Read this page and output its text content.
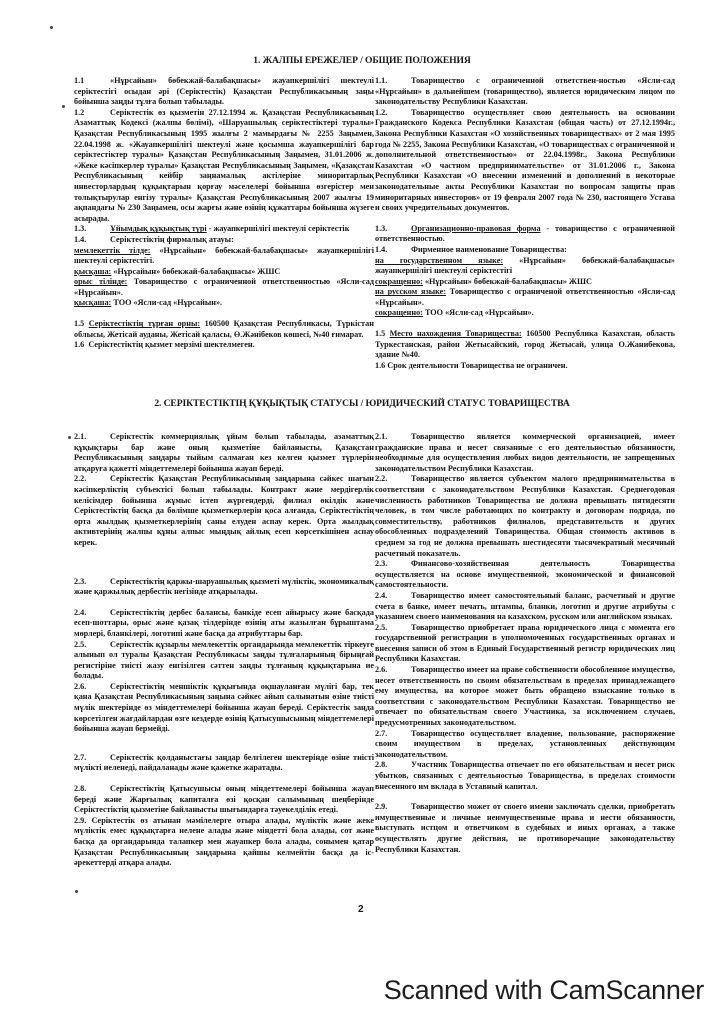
1. ЖАЛПЫ ЕРЕЖЕЛЕР / ОБЩИЕ ПОЛОЖЕНИЯ

1.1	«Нұрсайын» бөбекжай-балабақшасы» жауапкершілігі шектеулі серіктестігі осыдан әрі (Серіктестік) Қазақстан Республикасының заңы бойынша заңды тұлға болып табылады.

1.2	Серіктестік өз қызметін 27.12.1994 ж. Қазақстан Республикасының Азаматтық Кодексі (жалпы бөлімі), «Шаруашылық серіктестіктері туралы» Қазақстан Республикасының 1995 жылғы 2 мамырдағы № 2255 Заңымен, 22.04.1998 ж. «Жауапкершілігі шектеулі және қосымша жауапкершілігі бар серіктестіктер туралы» Қазақстан Республикасының Заңымен, 31.01.2006 ж. «Жеке кәсіпкерлер туралы» Қазақстан Республикасының Заңымен, «Қазақстан Республикасының кейбір заңнамалық актілеріне миноритарлық инвесторлардың құқықтарын қорғау мәселелері бойынша өзгерістер мен толықтырулар енгізу туралы» Қазақстан Республикасының 2007 жылғы 19 ақпандағы № 230 Заңымен, осы жарғы және өзінің құжаттары бойынша жүзеге асырады.

1.3.	Ұйымдық құқықтық түрі - жауапкершілігі шектеулі серіктестік

1.4.	Серіктестіктің фирмалық атауы:

мемлекеттік тілде: «Нұрсайын» бөбекжай-балабақшасы» жауапкершілігі шектеулі серіктестігі.

қысқаша: «Нұрсайын» бөбекжай-балабақшасы» ЖШС

орыс тілінде: Товарищество с ограниченной ответственностью «Ясли-сад «Нұрсайын».

қысқаша: ТОО «Ясли-сад «Нұрсайын».

1.5 Серіктестіктің тұрған орны: 160500 Қазақстан Республикасы, Түркістан облысы, Жетісай ауданы, Жетісай қаласы, Ө.Жәнібеков көшесі, №40 ғимарат.

1.6 Серіктестіктің қызмет мерзімі шектелмеген.

1.1.	Товарищество с ограниченной ответствен-ностью «Ясли-сад «Нұрсайын» в дальнейшем (товарищество), является юридическим лицом по законодательству Республики Казахстан.

1.2.	Товарищество осуществляет свою деятельность на основании Гражданского Кодекса Республики Казахстан (общая часть) от 27.12.1994г., Закона Республики Казахстан «О хозяйственных товариществах» от 2 мая 1995 года № 2255, Закона Республики Казахстан, «О товариществах с ограниченной и дополнительной ответственностью» от 22.04.1998г., Закона Республики Казахстан «О частном предпринимательстве» от 31.01.2006 г., Закона Республики Казахстан «О внесении изменений и дополнений в некоторые законодательные акты Республики Казахстан по вопросам защиты прав миноритарных инвесторов» от 19 февраля 2007 года № 230, настоящего Устава и своих учредительных документов.

1.3.	Организационно-правовая форма - товарищество с ограниченной ответственностью.

1.4.	Фирменное наименование Товарищества:

на государственном языке: «Нұрсайын» бөбекжай-балабақшасы» жауапкершілігі шектеулі серіктестігі

сокращенно: «Нұрсайын» бөбекжай-балабақшасы» ЖШС

на русском языке: Товарищество с ограниченой ответственностью «Ясли-сад «Нұрсайын».

сокращенно: ТОО «Ясли-сад «Нұрсайын».

1.5 Место нахождения Товарищества: 160500 Республика Казахстан, область Туркестанская, район Жетысайский, город Жетысай, улица О.Жанибекова, здание №40.

1.6 Срок деятельности Товарищества не ограничен.

2. СЕРІКТЕСТІКТІҢ ҚҰҚЫҚТЫҚ СТАТУСЫ / ЮРИДИЧЕСКИЙ СТАТУС ТОВАРИЩЕСТВА

2.1.	Серіктестік коммерциялық ұйым болып табылады, азаматтық құқықтары бар және оның қызметіне байланысты, Қазақстан Республикасының заңдары тыйым салмаған кез келген қызмет түрлерін атқаруға қажетті міндеттемелері бойынша жауап береді.

2.2.	Серіктестік Қазақстан Республикасының заңдарына сәйкес шағын кәсіпкерліктің субъектісі болып табылады. Контракт және мердігерлік келісімдер бойынша жұмыс істеп жүргендерді, филиал өкілдік және Серіктестіктің басқа да бөлімше қызметкерлерін қоса алғанда, Серіктестіктің орта жылдық қызметкерлерінің саны елуден аспау керек. Орта жылдық активтерінің жалпы құны алпыс мыңдық айлық есеп көрсеткішінен аспау керек.

2.3.	Серіктестіктің қаржы-шаруашылық қызметі мүліктік, экономикалық және қаржылық дербестік негізінде атқарылады.

2.4.	Серіктестіктің дербес балансы, банкіде есеп айырысу және басқада есеп-шоттары, орыс және қазақ тілдерінде өзінің аты жазылған бұрыштама мөрлері, бланкілері, логотипі және басқа да атрибуттары бар.

2.5.	Серіктестік құзырлы мемлекеттік органдарында мемлекеттік тіркеуге алынып ол туралы Қазақстан Республикасы заңды тұлғаларының бірыңғай регистіріне тиісті жазу енгізілген сәттен заңды тұлғаның құқықтарына ие болады.

2.6.	Серіктестіктің меншіктік құқығында оқшауланған мүлігі бар, тек қана Қазақстан Республикасының заңына сәйкес айып салынатын өзіне тиісті мүлік шектерінде өз міндеттемелері бойынша жауап береді. Серіктестік заңда көрсетілген жағдайлардан өзге кездерде өзінің Қатысушысының міндеттемелері бойынша жауап бермейді.

2.7.	Серіктестік қолданыстағы заңдар белгілеген шектерінде өзіне тиісті мүлікті иеленеді, пайдаланады және қажетке жаратады.

2.8.	Серіктестіктің Қатысушысы оның міндеттемелері бойынша жауап береді және Жарғылық капиталға өзі қосқан салымының шеңберінде Серіктестіктің қызметіне байланысты шығындарға тәуекелділік етеді.

2.9. Серіктестік өз атынан мәмілелерге отыра алады, мүліктік және жеке мүліктік емес құқықтарға иелене алады және міндетті бола алады, сот және басқа да органдарында талапкер мен жауапкер бола алады, сонымен қатар Қазақстан Республикасының заңдарына қайшы келмейтін басқа да іс-әрекеттерді атқара алады.

2.1.	Товарищество является коммерческой организацией, имеет гражданские права и несет связанные с его деятельностью обязанности, необходимые для осуществления любых видов деятельности, не запрещенных законодательством Республики Казахстан.

2.2.	Товарищество является субъектом малого предпринимательства в соответствии с законодательством Республики Казахстан. Среднегодовая численность работников Товарищества не должна превышать пятидесяти человек, в том числе работающих по контракту и договорам подряда, по совместительству, работников филиалов, представительств и других обособленных подразделений Товарищества. Общая стоимость активов в среднем за год не должна превышать шестидесяти тысячекратный месячный расчетный показатель.

2.3.	Финансово-хозяйственная деятельность Товарищества осуществляется на основе имущественной, экономической и финансовой самостоятельности.

2.4.	Товарищество имеет самостоятельный баланс, расчетный и другие счета в банке, имеет печать, штампы, бланки, логотип и другие атрибуты с указанием своего наименования на казахском, русском или английском языках.

2.5.	Товарищество приобретает права юридического лица с момента его государственной регистрации в уполномоченных государственных органах и внесения записи об этом в Единый Государственный регистр юридических лиц Республики Казахстан.

2.6.	Товарищество имеет на праве собственности обособленное имущество, несет ответственность по своим обязательствам в пределах принадлежащего ему имущества, на которое может быть обращено взыскание только в соответствии с законодательством Республики Казахстан. Товарищество не отвечает по обязательствам своего Участника, за исключением случаев, предусмотренных законодательством.

2.7.	Товарищество осуществляет владение, пользование, распоряжение своим имуществом в пределах, установленных действующим законодательством.

2.8.	Участник Товарищества отвечает по его обязательствам и несет риск убытков, связанных с деятельностью Товарищества, в пределах стоимости внесенного им вклада в Уставный капитал.

2.9.	Товарищество может от своего имени заключать сделки, приобретать имущественные и личные неимущественные права и нести обязанности, выступать истцом и ответчиком в судебных и иных органах, а также осуществлять другие действия, не противоречащие законодательству Республики Казахстан.

2
Scanned with CamScanner
